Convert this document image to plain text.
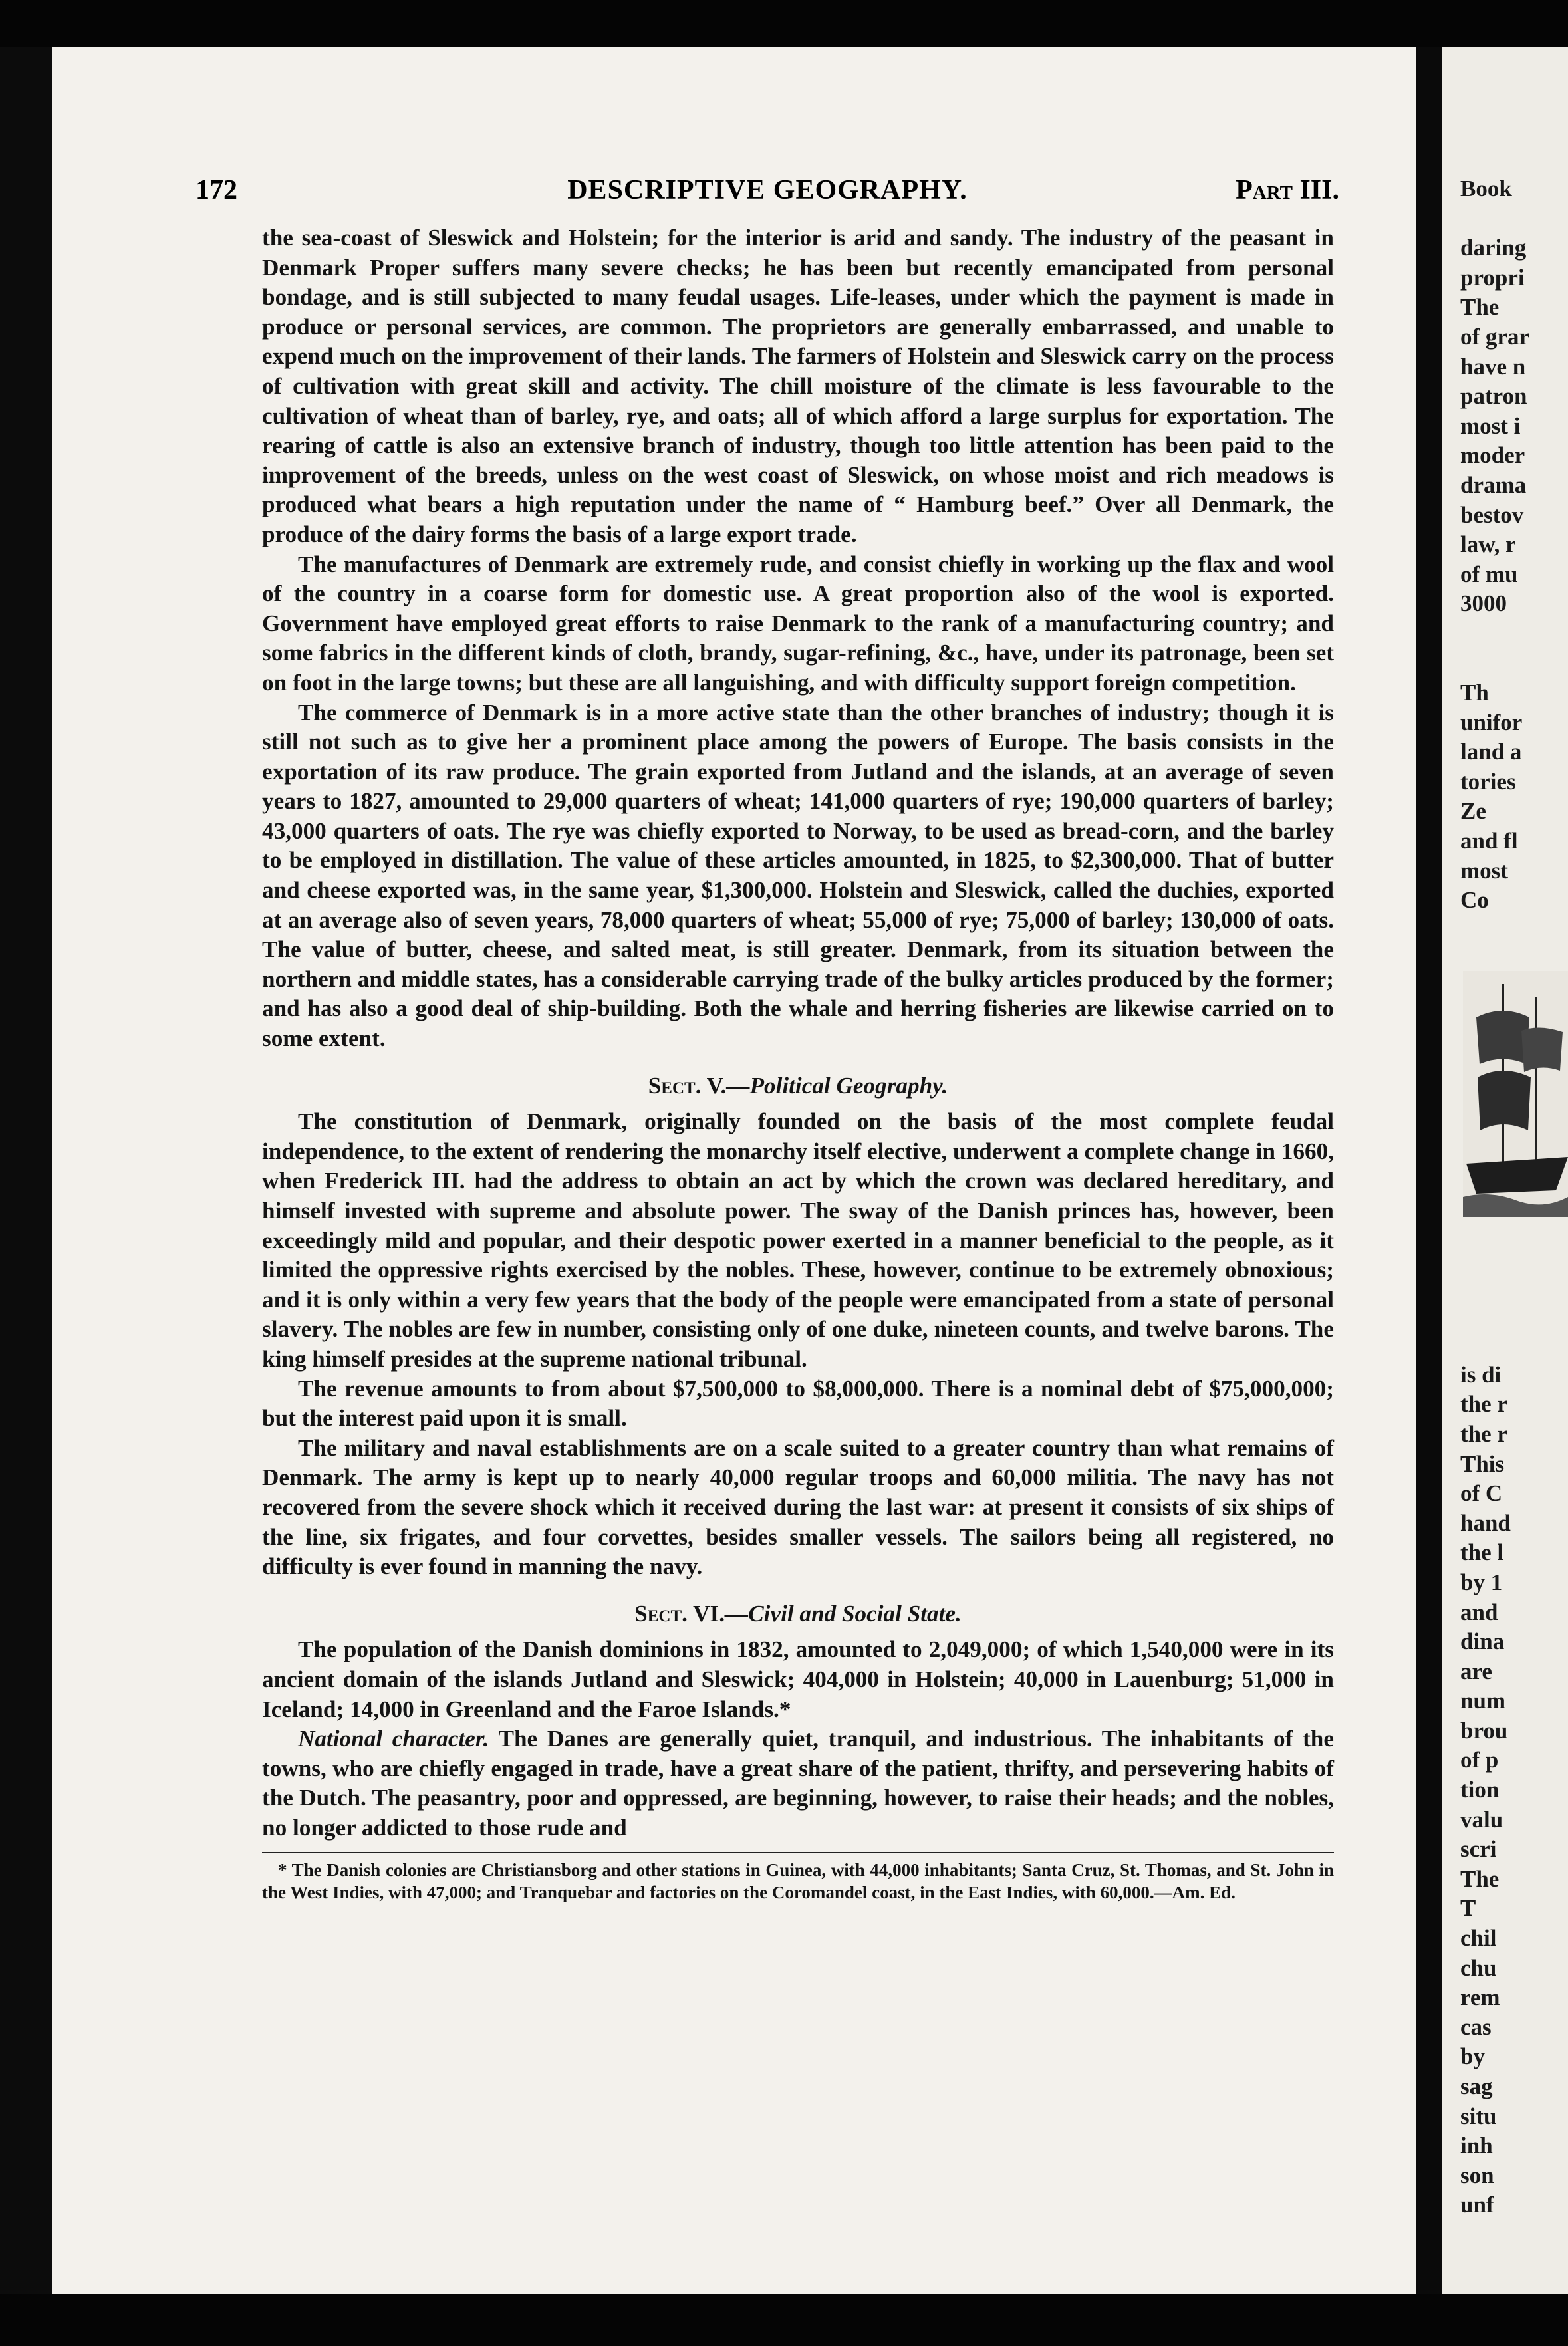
172	DESCRIPTIVE GEOGRAPHY.	Part III.

the sea-coast of Sleswick and Holstein; for the interior is arid and sandy. The industry of the peasant in Denmark Proper suffers many severe checks; he has been but recently emancipated from personal bondage, and is still subjected to many feudal usages. Life-leases, under which the payment is made in produce or personal services, are common. The proprietors are generally embarrassed, and unable to expend much on the improvement of their lands. The farmers of Holstein and Sleswick carry on the process of cultivation with great skill and activity. The chill moisture of the climate is less favourable to the cultivation of wheat than of barley, rye, and oats; all of which afford a large surplus for exportation. The rearing of cattle is also an extensive branch of industry, though too little attention has been paid to the improvement of the breeds, unless on the west coast of Sleswick, on whose moist and rich meadows is produced what bears a high reputation under the name of “ Hamburg beef.” Over all Denmark, the produce of the dairy forms the basis of a large export trade.

The manufactures of Denmark are extremely rude, and consist chiefly in working up the flax and wool of the country in a coarse form for domestic use. A great proportion also of the wool is exported. Government have employed great efforts to raise Denmark to the rank of a manufacturing country; and some fabrics in the different kinds of cloth, brandy, sugar-refining, &c., have, under its patronage, been set on foot in the large towns; but these are all languishing, and with difficulty support foreign competition.

The commerce of Denmark is in a more active state than the other branches of industry; though it is still not such as to give her a prominent place among the powers of Europe. The basis consists in the exportation of its raw produce. The grain exported from Jutland and the islands, at an average of seven years to 1827, amounted to 29,000 quarters of wheat; 141,000 quarters of rye; 190,000 quarters of barley; 43,000 quarters of oats. The rye was chiefly exported to Norway, to be used as bread-corn, and the barley to be employed in distillation. The value of these articles amounted, in 1825, to $2,300,000. That of butter and cheese exported was, in the same year, $1,300,000. Holstein and Sleswick, called the duchies, exported at an average also of seven years, 78,000 quarters of wheat; 55,000 of rye; 75,000 of barley; 130,000 of oats. The value of butter, cheese, and salted meat, is still greater. Denmark, from its situation between the northern and middle states, has a considerable carrying trade of the bulky articles produced by the former; and has also a good deal of ship-building. Both the whale and herring fisheries are likewise carried on to some extent.

Sect. V.—Political Geography.

The constitution of Denmark, originally founded on the basis of the most complete feudal independence, to the extent of rendering the monarchy itself elective, underwent a complete change in 1660, when Frederick III. had the address to obtain an act by which the crown was declared hereditary, and himself invested with supreme and absolute power. The sway of the Danish princes has, however, been exceedingly mild and popular, and their despotic power exerted in a manner beneficial to the people, as it limited the oppressive rights exercised by the nobles. These, however, continue to be extremely obnoxious; and it is only within a very few years that the body of the people were emancipated from a state of personal slavery. The nobles are few in number, consisting only of one duke, nineteen counts, and twelve barons. The king himself presides at the supreme national tribunal.

The revenue amounts to from about $7,500,000 to $8,000,000. There is a nominal debt of $75,000,000; but the interest paid upon it is small.

The military and naval establishments are on a scale suited to a greater country than what remains of Denmark. The army is kept up to nearly 40,000 regular troops and 60,000 militia. The navy has not recovered from the severe shock which it received during the last war: at present it consists of six ships of the line, six frigates, and four corvettes, besides smaller vessels. The sailors being all registered, no difficulty is ever found in manning the navy.

Sect. VI.—Civil and Social State.

The population of the Danish dominions in 1832, amounted to 2,049,000; of which 1,540,000 were in its ancient domain of the islands Jutland and Sleswick; 404,000 in Holstein; 40,000 in Lauenburg; 51,000 in Iceland; 14,000 in Greenland and the Faroe Islands.*

National character. The Danes are generally quiet, tranquil, and industrious. The inhabitants of the towns, who are chiefly engaged in trade, have a great share of the patient, thrifty, and persevering habits of the Dutch. The peasantry, poor and oppressed, are beginning, however, to raise their heads; and the nobles, no longer addicted to those rude and

* The Danish colonies are Christiansborg and other stations in Guinea, with 44,000 inhabitants; Santa Cruz, St. Thomas, and St. John in the West Indies, with 47,000; and Tranquebar and factories on the Coromandel coast, in the East Indies, with 60,000.—Am. Ed.

Book
daring
propri
The
of grar
have n
patron
most i
moder
drama
bestov
law, r
of mu
3000
Th
unifor
land a
tories
Ze
and fl
most
Co
is di
the r
the r
This
of C
hand
the l
by 1
and
dina
are
num
brou
of p
tion
valu
scri
The
T
chil
chu
rem
cas
by
sag
situ
inh
son
unf
